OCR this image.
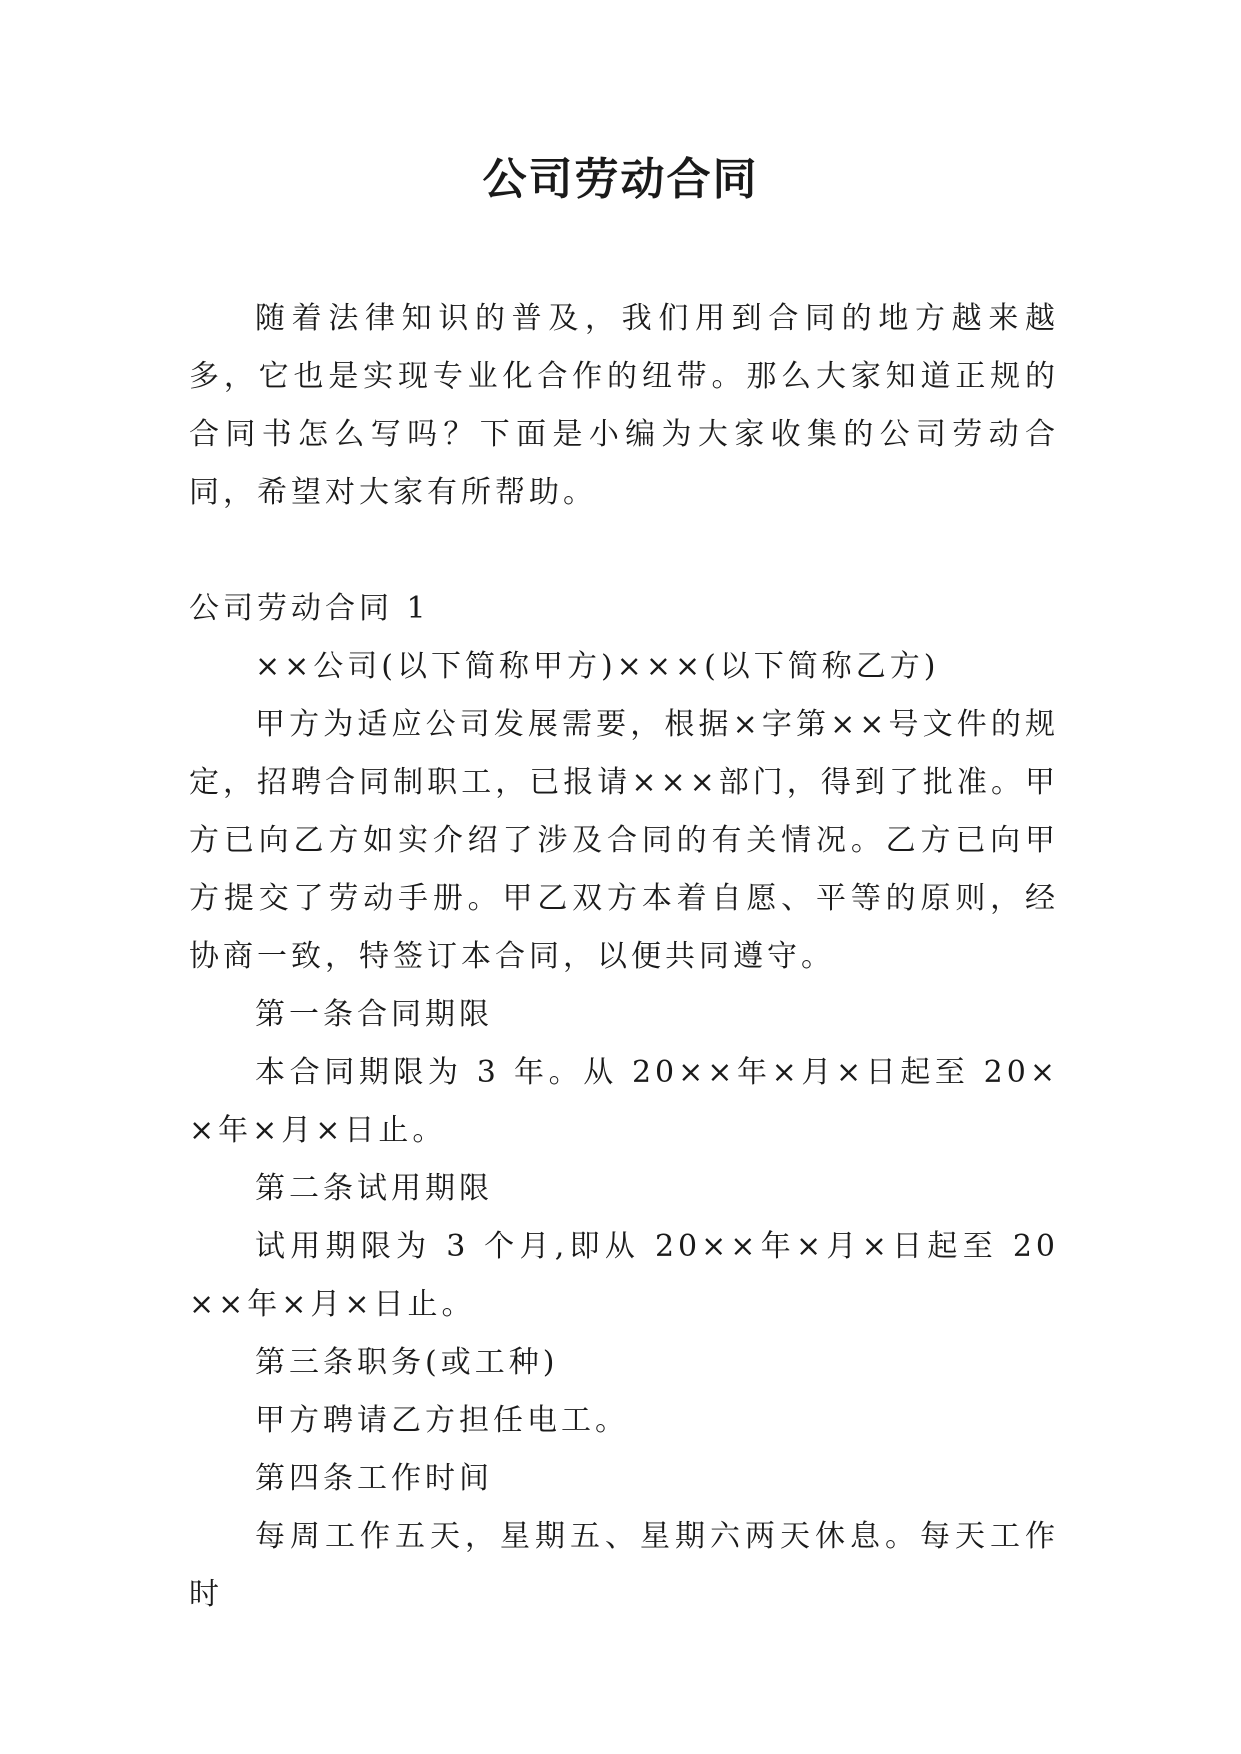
公司劳动合同

随着法律知识的普及，我们用到合同的地方越来越多，它也是实现专业化合作的纽带。那么大家知道正规的合同书怎么写吗？下面是小编为大家收集的公司劳动合同，希望对大家有所帮助。

公司劳动合同 1

××公司(以下简称甲方)×××(以下简称乙方)

甲方为适应公司发展需要，根据×字第××号文件的规定，招聘合同制职工，已报请×××部门，得到了批准。甲方已向乙方如实介绍了涉及合同的有关情况。乙方已向甲方提交了劳动手册。甲乙双方本着自愿、平等的原则，经协商一致，特签订本合同，以便共同遵守。

第一条合同期限

本合同期限为 3 年。从 20××年×月×日起至 20××年×月×日止。

第二条试用期限

试用期限为 3 个月,即从 20××年×月×日起至 20××年×月×日止。

第三条职务(或工种)

甲方聘请乙方担任电工。

第四条工作时间

每周工作五天，星期五、星期六两天休息。每天工作时
